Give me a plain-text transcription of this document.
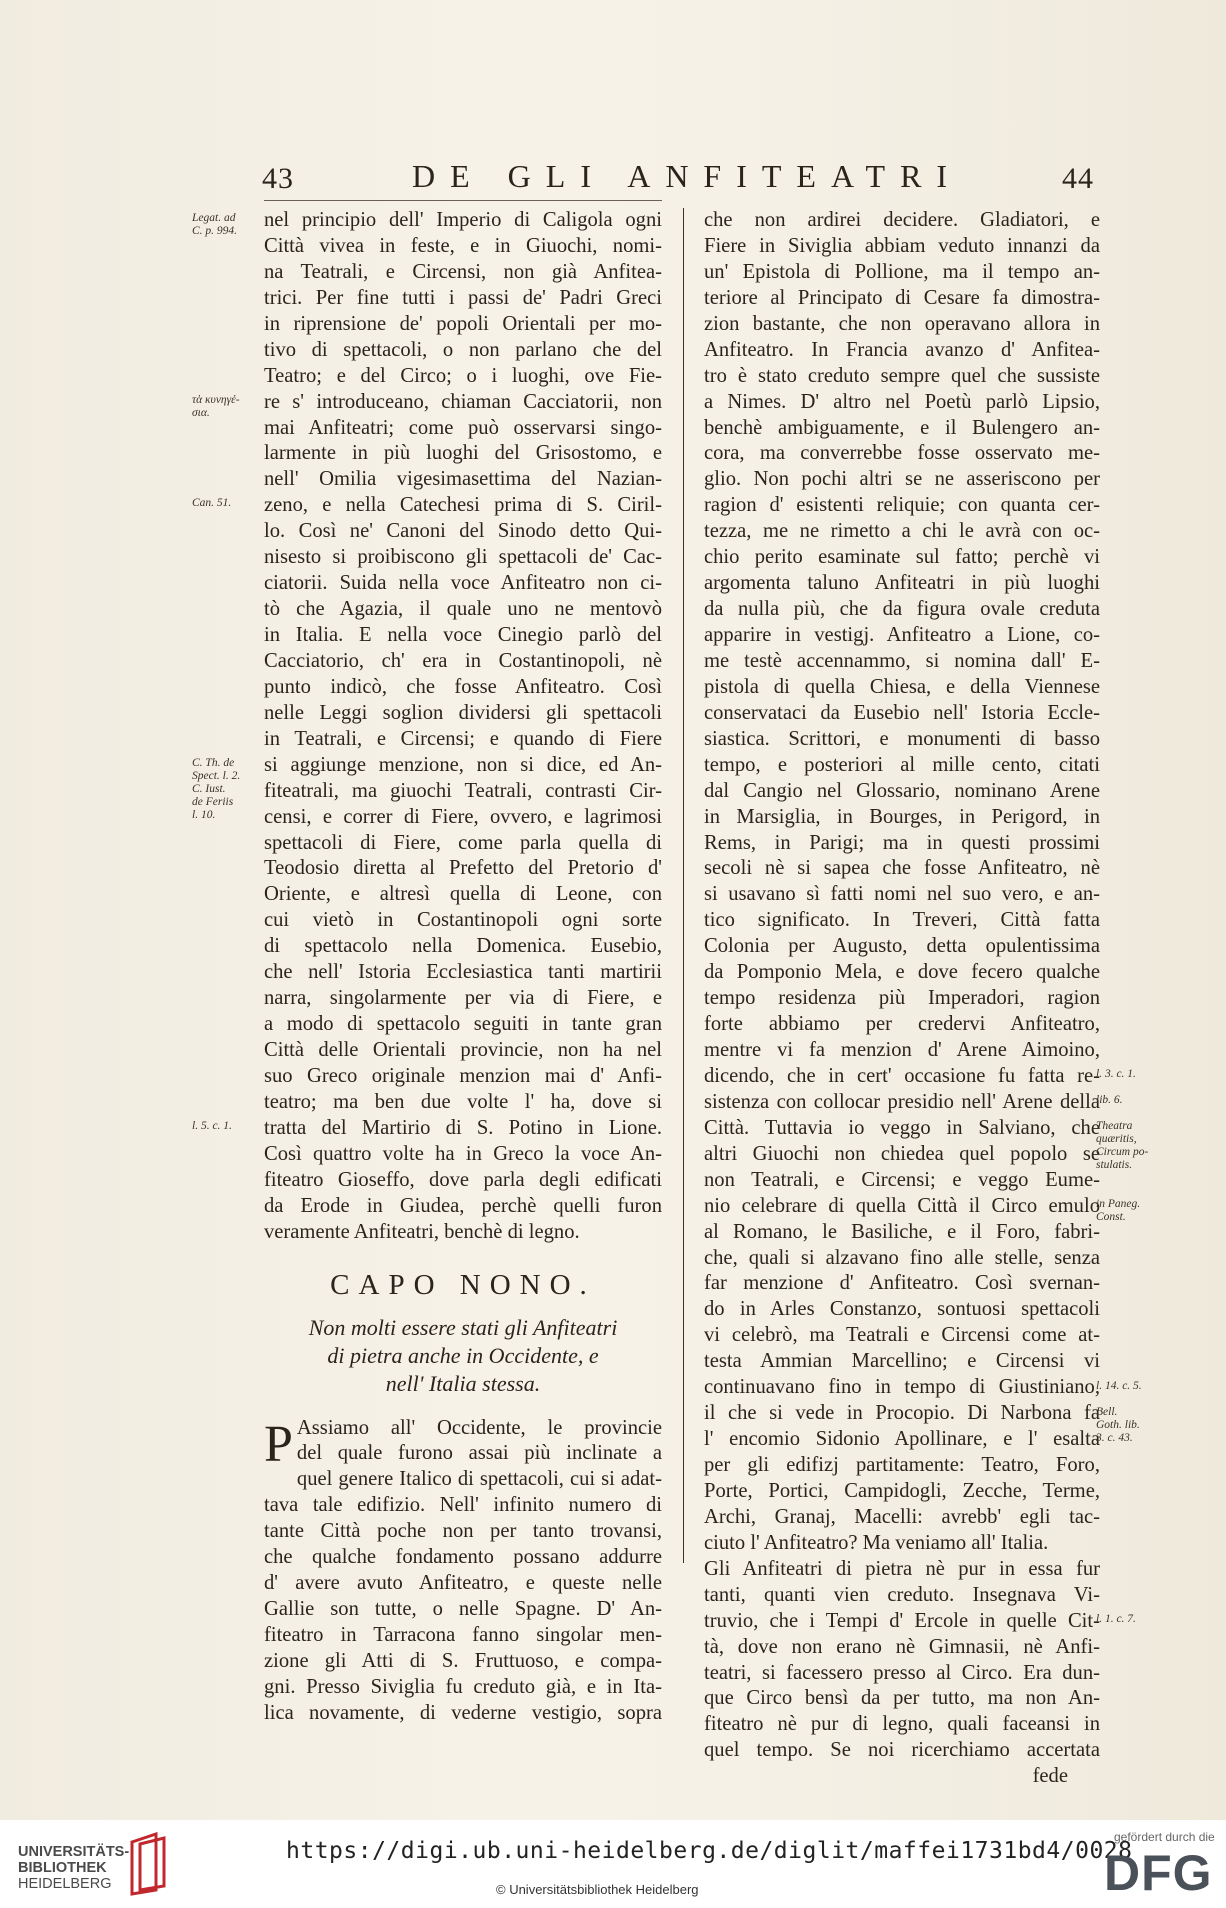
43	DE GLI ANFITEATRI	44
nel principio dell' Imperio di Caligola ogni
Città vivea in feste, e in Giuochi, nomi-
na Teatrali, e Circensi, non già Anfitea-
trici. Per fine tutti i passi de' Padri Greci
in riprensione de' popoli Orientali per mo-
tivo di spettacoli, o non parlano che del
Teatro; e del Circo; o i luoghi, ove Fie-
re s' introduceano, chiaman Cacciatorii, non
mai Anfiteatri; come può osservarsi singo-
larmente in più luoghi del Grisostomo, e
nell' Omilia vigesimasettima del Nazian-
zeno, e nella Catechesi prima di S. Ciril-
lo. Così ne' Canoni del Sinodo detto Qui-
nisesto si proibiscono gli spettacoli de' Cac-
ciatorii. Suida nella voce Anfiteatro non ci-
tò che Agazia, il quale uno ne mentovò
in Italia. E nella voce Cinegio parlò del
Cacciatorio, ch' era in Costantinopoli, nè
punto indicò, che fosse Anfiteatro. Così
nelle Leggi soglion dividersi gli spettacoli
in Teatrali, e Circensi; e quando di Fiere
si aggiunge menzione, non si dice, ed An-
fiteatrali, ma giuochi Teatrali, contrasti Cir-
censi, e correr di Fiere, ovvero, e lagrimosi
spettacoli di Fiere, come parla quella di
Teodosio diretta al Prefetto del Pretorio d'
Oriente, e altresì quella di Leone, con
cui vietò in Costantinopoli ogni sorte
di spettacolo nella Domenica. Eusebio,
che nell' Istoria Ecclesiastica tanti martirii
narra, singolarmente per via di Fiere, e
a modo di spettacolo seguiti in tante gran
Città delle Orientali provincie, non ha nel
suo Greco originale menzion mai d' Anfi-
teatro; ma ben due volte l' ha, dove si
tratta del Martirio di S. Potino in Lione.
Così quattro volte ha in Greco la voce An-
fiteatro Gioseffo, dove parla degli edificati
da Erode in Giudea, perchè quelli furon
veramente Anfiteatri, benchè di legno.
CAPO NONO.
Non molti essere stati gli Anfiteatri
di pietra anche in Occidente, e
nell' Italia stessa.
P Assiamo all' Occidente, le provincie
del quale furono assai più inclinate a
quel genere Italico di spettacoli, cui si adat-
tava tale edifizio. Nell' infinito numero di
tante Città poche non per tanto trovansi,
che qualche fondamento possano addurre
d' avere avuto Anfiteatro, e queste nelle
Gallie son tutte, o nelle Spagne. D' An-
fiteatro in Tarracona fanno singolar men-
zione gli Atti di S. Fruttuoso, e compa-
gni. Presso Siviglia fu creduto già, e in Ita-
lica novamente, di vederne vestigio, sopra
che non ardirei decidere. Gladiatori, e
Fiere in Siviglia abbiam veduto innanzi da
un' Epistola di Pollione, ma il tempo an-
teriore al Principato di Cesare fa dimostra-
zion bastante, che non operavano allora in
Anfiteatro. In Francia avanzo d' Anfitea-
tro è stato creduto sempre quel che sussiste
a Nimes. D' altro nel Poetù parlò Lipsio,
benchè ambiguamente, e il Bulengero an-
cora, ma converrebbe fosse osservato me-
glio. Non pochi altri se ne asseriscono per
ragion d' esistenti reliquie; con quanta cer-
tezza, me ne rimetto a chi le avrà con oc-
chio perito esaminate sul fatto; perchè vi
argomenta taluno Anfiteatri in più luoghi
da nulla più, che da figura ovale creduta
apparire in vestigj. Anfiteatro a Lione, co-
me testè accennammo, si nomina dall' E-
pistola di quella Chiesa, e della Viennese
conservataci da Eusebio nell' Istoria Eccle-
siastica. Scrittori, e monumenti di basso
tempo, e posteriori al mille cento, citati
dal Cangio nel Glossario, nominano Arene
in Marsiglia, in Bourges, in Perigord, in
Rems, in Parigi; ma in questi prossimi
secoli nè si sapea che fosse Anfiteatro, nè
si usavano sì fatti nomi nel suo vero, e an-
tico significato. In Treveri, Città fatta
Colonia per Augusto, detta opulentissima
da Pomponio Mela, e dove fecero qualche
tempo residenza più Imperadori, ragion
forte abbiamo per credervi Anfiteatro,
mentre vi fa menzion d' Arene Aimoino,
dicendo, che in cert' occasione fu fatta re-
sistenza con collocar presidio nell' Arene della
Città. Tuttavia io veggo in Salviano, che
altri Giuochi non chiedea quel popolo se
non Teatrali, e Circensi; e veggo Eume-
nio celebrare di quella Città il Circo emulo
al Romano, le Basiliche, e il Foro, fabri-
che, quali si alzavano fino alle stelle, senza
far menzione d' Anfiteatro. Così svernan-
do in Arles Constanzo, sontuosi spettacoli
vi celebrò, ma Teatrali e Circensi come at-
testa Ammian Marcellino; e Circensi vi
continuavano fino in tempo di Giustiniano,
il che si vede in Procopio. Di Narbona fa
l' encomio Sidonio Apollinare, e l' esalta
per gli edifizj partitamente: Teatro, Foro,
Porte, Portici, Campidogli, Zecche, Terme,
Archi, Granaj, Macelli: avrebb' egli tac-
ciuto l' Anfiteatro? Ma veniamo all' Italia.
Gli Anfiteatri di pietra nè pur in essa fur
tanti, quanti vien creduto. Insegnava Vi-
truvio, che i Tempi d' Ercole in quelle Cit-
tà, dove non erano nè Gimnasii, nè Anfi-
teatri, si facessero presso al Circo. Era dun-
que Circo bensì da per tutto, ma non An-
fiteatro nè pur di legno, quali faceansi in
quel tempo. Se noi ricerchiamo accertata
fede
Legat. ad
C. p. 994.
τὰ κυνηγέ-
σια.
Can. 51.
C. Th. de
Spect. l. 2.
C. Iust.
de Feriis
l. 10.
l. 5. c. 1.
l. 3. c. 1.
lib. 6.
Theatra
quæritis,
Circum po-
stulatis.
in Paneg.
Const.
l. 14. c. 5.
Bell.
Goth. lib.
3. c. 43.
l. 1. c. 7.
UNIVERSITÄTS-
BIBLIOTHEK
HEIDELBERG
https://digi.ub.uni-heidelberg.de/diglit/maffei1731bd4/0028
© Universitätsbibliothek Heidelberg
gefördert durch die
DFG
